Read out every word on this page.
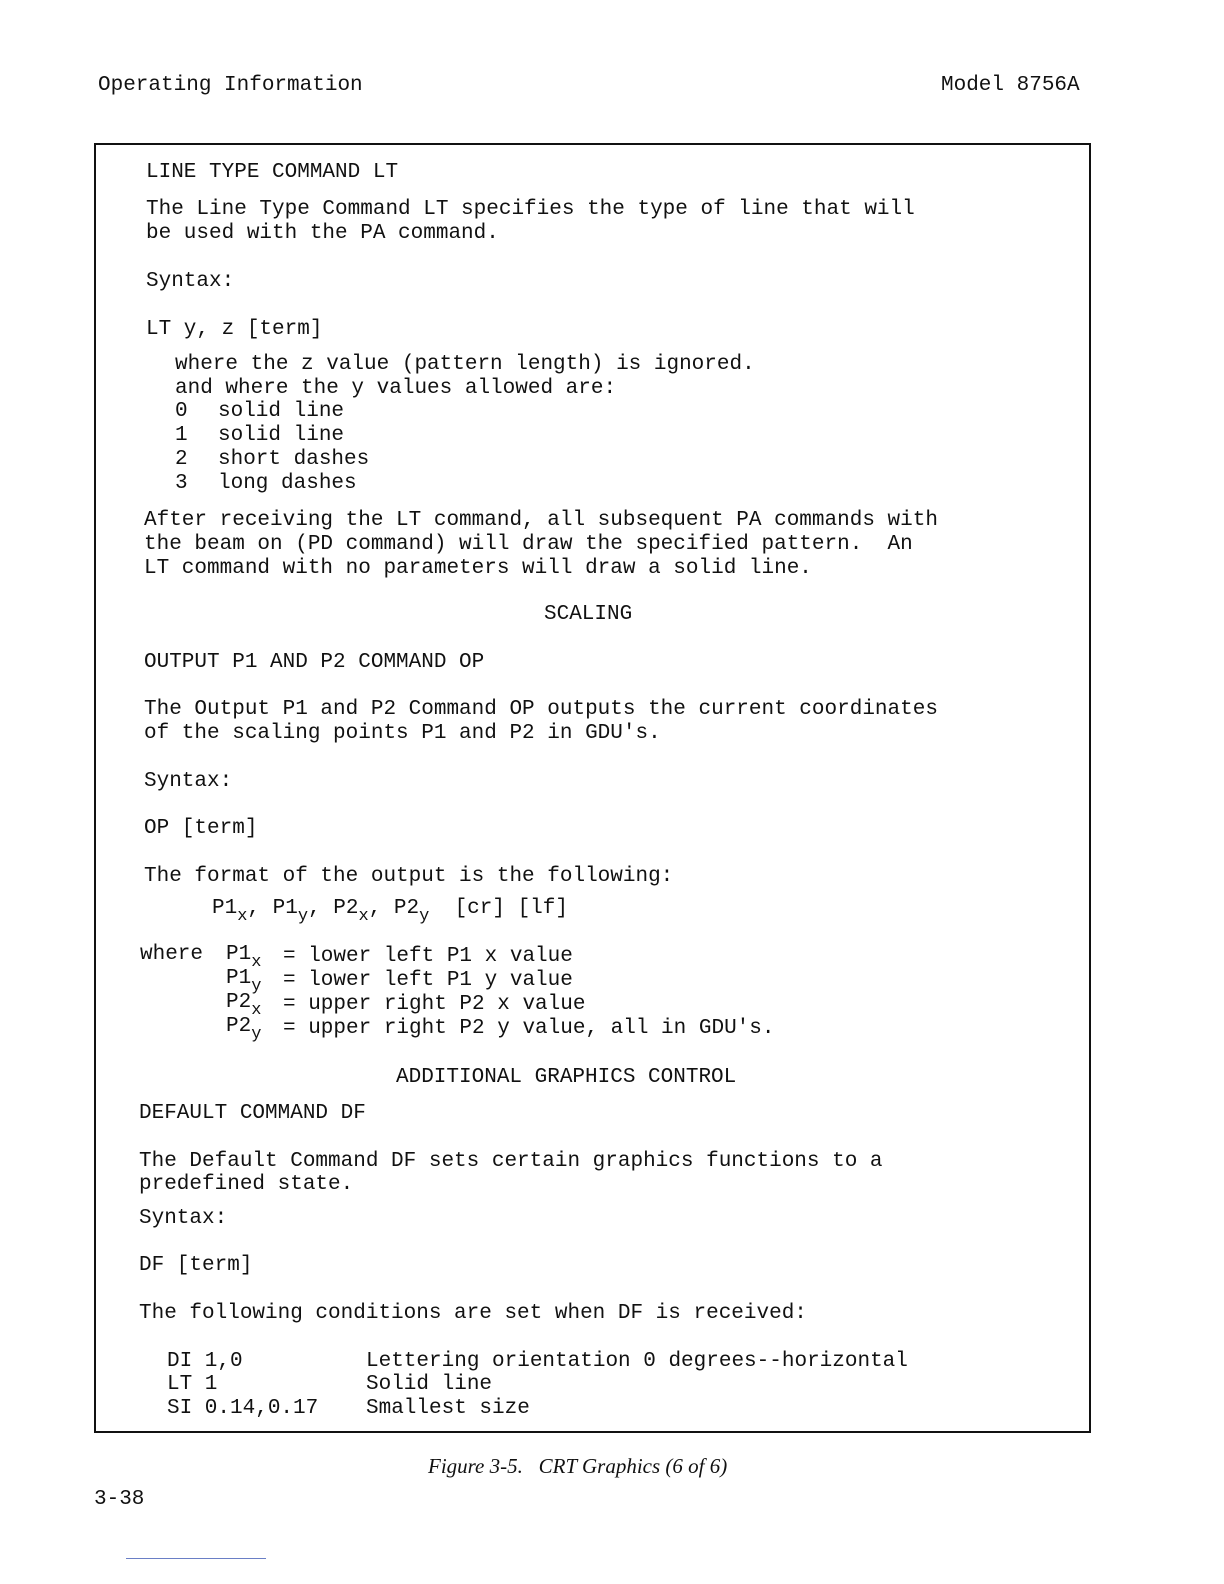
Operating Information	Model 8756A
LINE TYPE COMMAND LT
The Line Type Command LT specifies the type of line that will
be used with the PA command.
Syntax:
LT y, z [term]
where the z value (pattern length) is ignored.
and where the y values allowed are:
0 solid line
1 solid line
2 short dashes
3 long dashes
After receiving the LT command, all subsequent PA commands with
the beam on (PD command) will draw the specified pattern.  An
LT command with no parameters will draw a solid line.
SCALING
OUTPUT P1 AND P2 COMMAND OP
The Output P1 and P2 Command OP outputs the current coordinates
of the scaling points P1 and P2 in GDU's.
Syntax:
OP [term]
The format of the output is the following:
$P1_x$, $P1_y$, $P2_x$, $P2_y$ [cr] [lf]
where $P1_x$ = lower left P1 x value
$P1_y$ = lower left P1 y value
$P2_x$ = upper right P2 x value
$P2_y$ = upper right P2 y value, all in GDU's.
ADDITIONAL GRAPHICS CONTROL
DEFAULT COMMAND DF
The Default Command DF sets certain graphics functions to a
predefined state.
Syntax:
DF [term]
The following conditions are set when DF is received:
DI 1,0	Lettering orientation 0 degrees--horizontal
LT 1	Solid line
SI 0.14,0.17 Smallest size
Figure 3-5.   CRT Graphics (6 of 6)
3-38
